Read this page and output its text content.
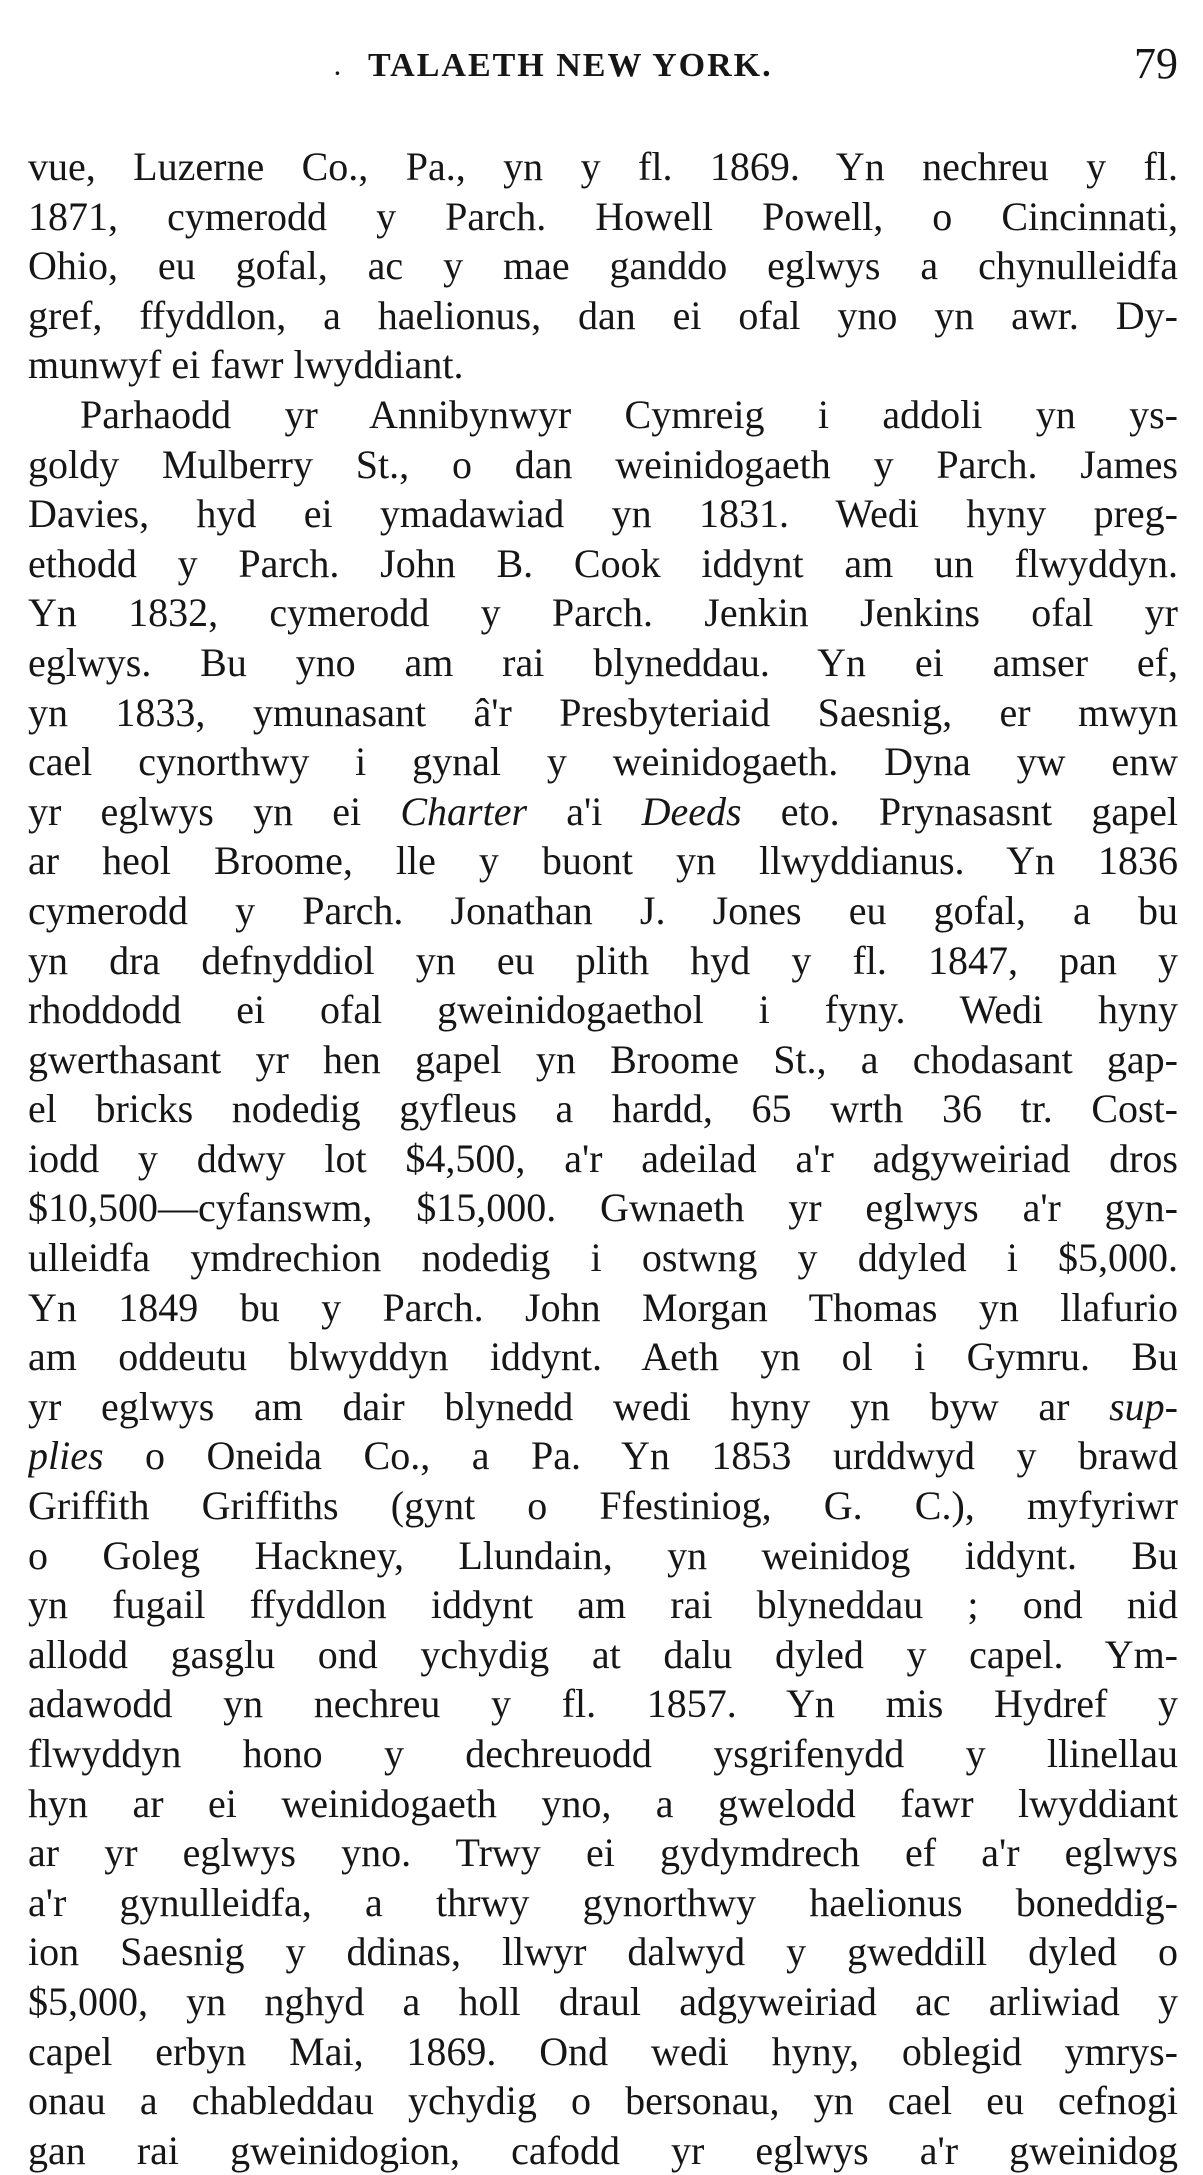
· TALAETH NEW YORK.	79
vue, Luzerne Co., Pa., yn y fl. 1869. Yn nechreu y fl.
1871, cymerodd y Parch. Howell Powell, o Cincinnati,
Ohio, eu gofal, ac y mae ganddo eglwys a chynulleidfa
gref, ffyddlon, a haelionus, dan ei ofal yno yn awr. Dy-
munwyf ei fawr lwyddiant.
Parhaodd yr Annibynwyr Cymreig i addoli yn ys-
goldy Mulberry St., o dan weinidogaeth y Parch. James
Davies, hyd ei ymadawiad yn 1831. Wedi hyny preg-
ethodd y Parch. John B. Cook iddynt am un flwyddyn.
Yn 1832, cymerodd y Parch. Jenkin Jenkins ofal yr
eglwys. Bu yno am rai blyneddau. Yn ei amser ef,
yn 1833, ymunasant â'r Presbyteriaid Saesnig, er mwyn
cael cynorthwy i gynal y weinidogaeth. Dyna yw enw
yr eglwys yn ei Charter a'i Deeds eto. Prynasasnt gapel
ar heol Broome, lle y buont yn llwyddianus. Yn 1836
cymerodd y Parch. Jonathan J. Jones eu gofal, a bu
yn dra defnyddiol yn eu plith hyd y fl. 1847, pan y
rhoddodd ei ofal gweinidogaethol i fyny. Wedi hyny
gwerthasant yr hen gapel yn Broome St., a chodasant gap-
el bricks nodedig gyfleus a hardd, 65 wrth 36 tr. Cost-
iodd y ddwy lot $4,500, a'r adeilad a'r adgyweiriad dros
$10,500—cyfanswm, $15,000. Gwnaeth yr eglwys a'r gyn-
ulleidfa ymdrechion nodedig i ostwng y ddyled i $5,000.
Yn 1849 bu y Parch. John Morgan Thomas yn llafurio
am oddeutu blwyddyn iddynt. Aeth yn ol i Gymru. Bu
yr eglwys am dair blynedd wedi hyny yn byw ar sup-
plies o Oneida Co., a Pa. Yn 1853 urddwyd y brawd
Griffith Griffiths (gynt o Ffestiniog, G. C.), myfyriwr
o Goleg Hackney, Llundain, yn weinidog iddynt. Bu
yn fugail ffyddlon iddynt am rai blyneddau ; ond nid
allodd gasglu ond ychydig at dalu dyled y capel. Ym-
adawodd yn nechreu y fl. 1857. Yn mis Hydref y
flwyddyn hono y dechreuodd ysgrifenydd y llinellau
hyn ar ei weinidogaeth yno, a gwelodd fawr lwyddiant
ar yr eglwys yno. Trwy ei gydymdrech ef a'r eglwys
a'r gynulleidfa, a thrwy gynorthwy haelionus boneddig-
ion Saesnig y ddinas, llwyr dalwyd y gweddill dyled o
$5,000, yn nghyd a holl draul adgyweiriad ac arliwiad y
capel erbyn Mai, 1869. Ond wedi hyny, oblegid ymrys-
onau a chableddau ychydig o bersonau, yn cael eu cefnogi
gan rai gweinidogion, cafodd yr eglwys a'r gweinidog
